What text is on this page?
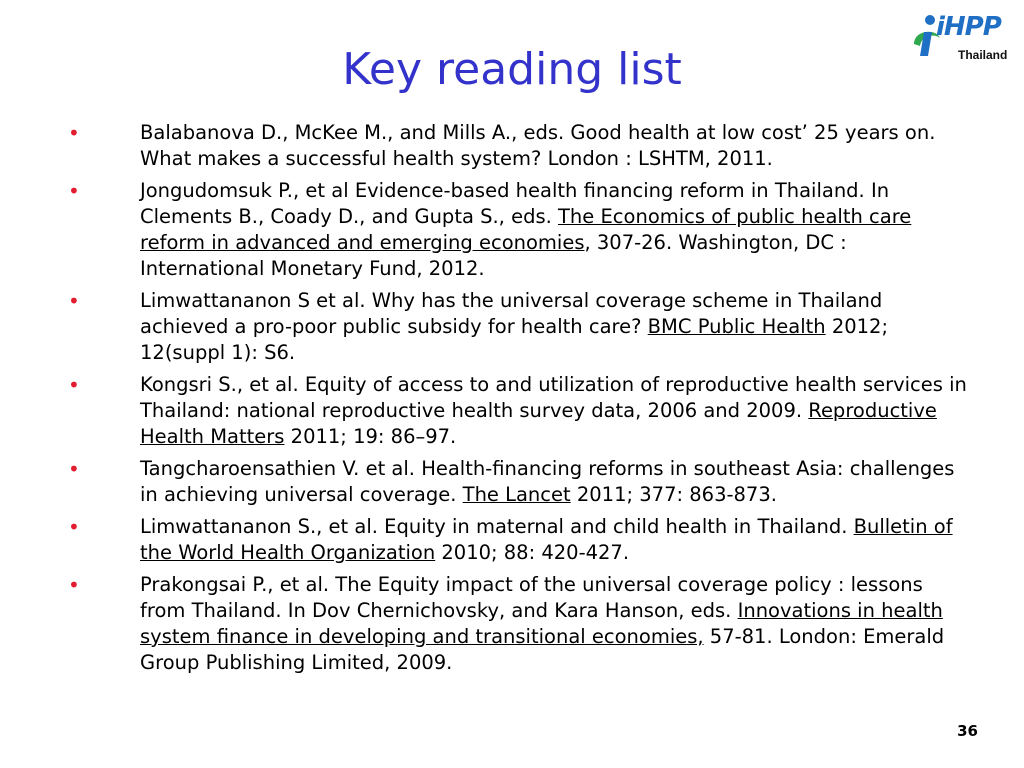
Key reading list
iHPP
Thailand
•	Balabanova D., McKee M., and Mills A., eds. Good health at low cost’ 25 years on. What makes a successful health system? London : LSHTM, 2011.
•	Jongudomsuk P., et al Evidence-based health financing reform in Thailand. In Clements B., Coady D., and Gupta S., eds. The Economics of public health care reform in advanced and emerging economies, 307-26. Washington, DC : International Monetary Fund, 2012.
•	Limwattananon S et al. Why has the universal coverage scheme in Thailand achieved a pro-poor public subsidy for health care? BMC Public Health 2012; 12(suppl 1): S6.
•	Kongsri S., et al. Equity of access to and utilization of reproductive health services in Thailand: national reproductive health survey data, 2006 and 2009. Reproductive Health Matters 2011; 19: 86–97.
•	Tangcharoensathien V. et al. Health-financing reforms in southeast Asia: challenges in achieving universal coverage. The Lancet 2011; 377: 863-873.
•	Limwattananon S., et al. Equity in maternal and child health in Thailand. Bulletin of the World Health Organization 2010; 88: 420-427.
•	Prakongsai P., et al. The Equity impact of the universal coverage policy : lessons from Thailand. In Dov Chernichovsky, and Kara Hanson, eds. Innovations in health system finance in developing and transitional economies, 57-81. London: Emerald Group Publishing Limited, 2009.
36
